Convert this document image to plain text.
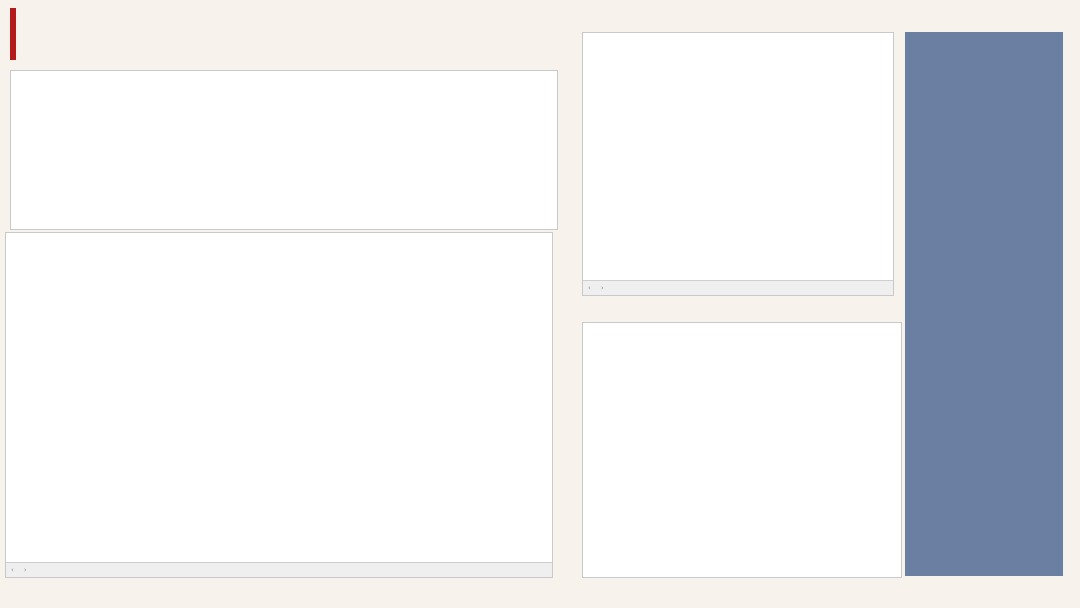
‹	›
‹	›
